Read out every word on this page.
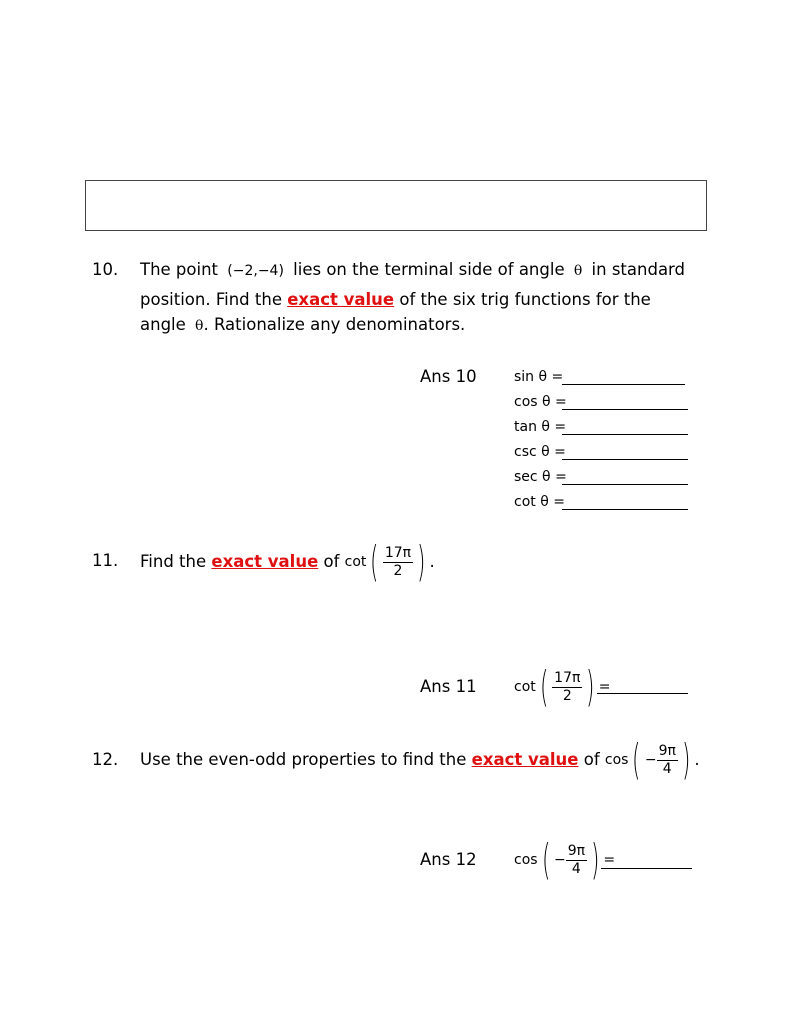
10. The point (−2,−4) lies on the terminal side of angle θ in standard
position. Find the exact value of the six trig functions for the
angle θ. Rationalize any denominators.
Ans 10	sin θ =
cos θ =
tan θ =
csc θ =
sec θ =
cot θ =
11. Find the
exact value
of
cot ( $\frac{17\pi}{2}$ ) .
Ans 11	cot ( $\frac{17\pi}{2}$ ) =
12. Use the even-odd properties to find the
exact value
of
cos ( − $\frac{9\pi}{4}$ ) .
Ans 12	cos ( − $\frac{9\pi}{4}$ ) =
